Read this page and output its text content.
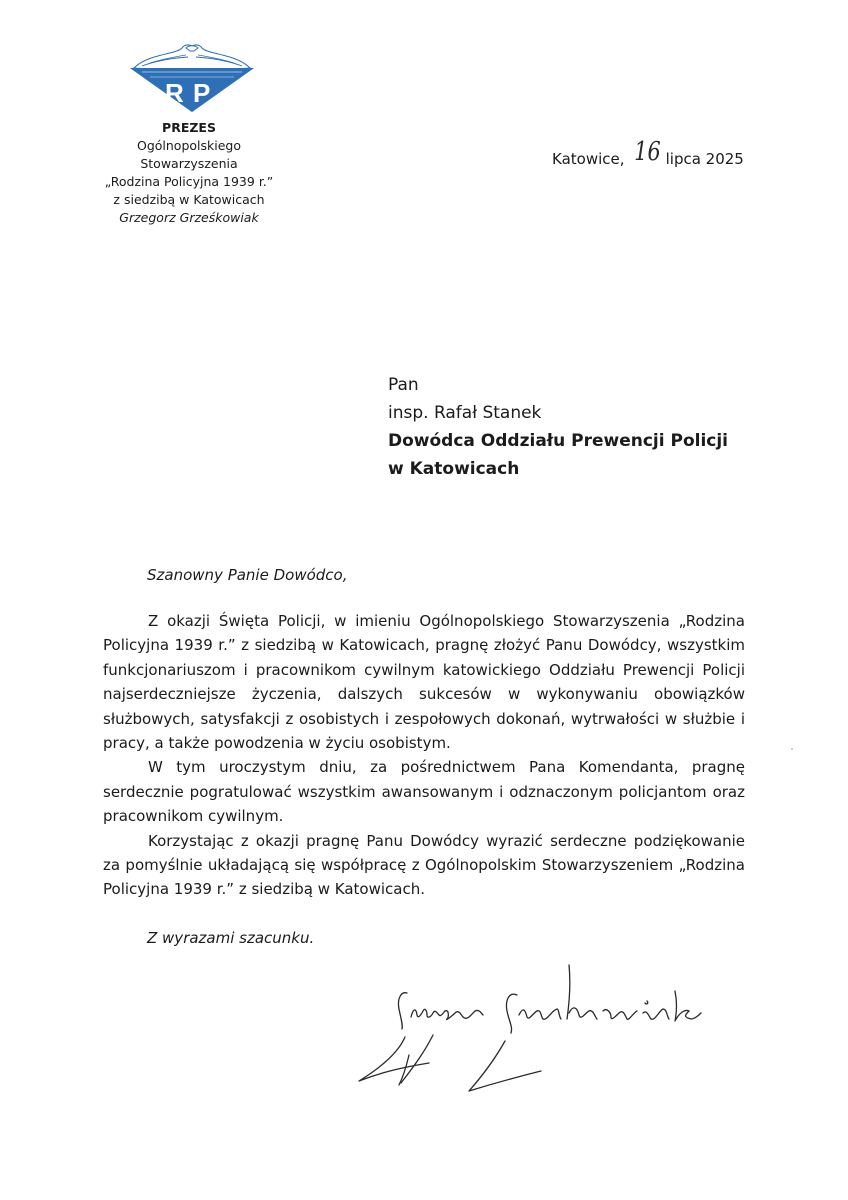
R P
PREZES
Ogólnopolskiego Stowarzyszenia
„Rodzina Policyjna 1939 r.”
z siedzibą w Katowicach
Grzegorz Grześkowiak
Katowice, 16 lipca 2025
Pan
insp. Rafał Stanek
Dowódca Oddziału Prewencji Policji
w Katowicach
Szanowny Panie Dowódco,

Z okazji Święta Policji, w imieniu Ogólnopolskiego Stowarzyszenia „Rodzina Policyjna 1939 r.” z siedzibą w Katowicach, pragnę złożyć Panu Dowódcy, wszystkim funkcjonariuszom i pracownikom cywilnym katowickiego Oddziału Prewencji Policji najserdeczniejsze życzenia, dalszych sukcesów w wykonywaniu obowiązków służbowych, satysfakcji z osobistych i zespołowych dokonań, wytrwałości w służbie i pracy, a także powodzenia w życiu osobistym.

W tym uroczystym dniu, za pośrednictwem Pana Komendanta, pragnę serdecznie pogratulować wszystkim awansowanym i odznaczonym policjantom oraz pracownikom cywilnym.

Korzystając z okazji pragnę Panu Dowódcy wyrazić serdeczne podziękowanie za pomyślnie układającą się współpracę z Ogólnopolskim Stowarzyszeniem „Rodzina Policyjna 1939 r.” z siedzibą w Katowicach.

Z wyrazami szacunku.
